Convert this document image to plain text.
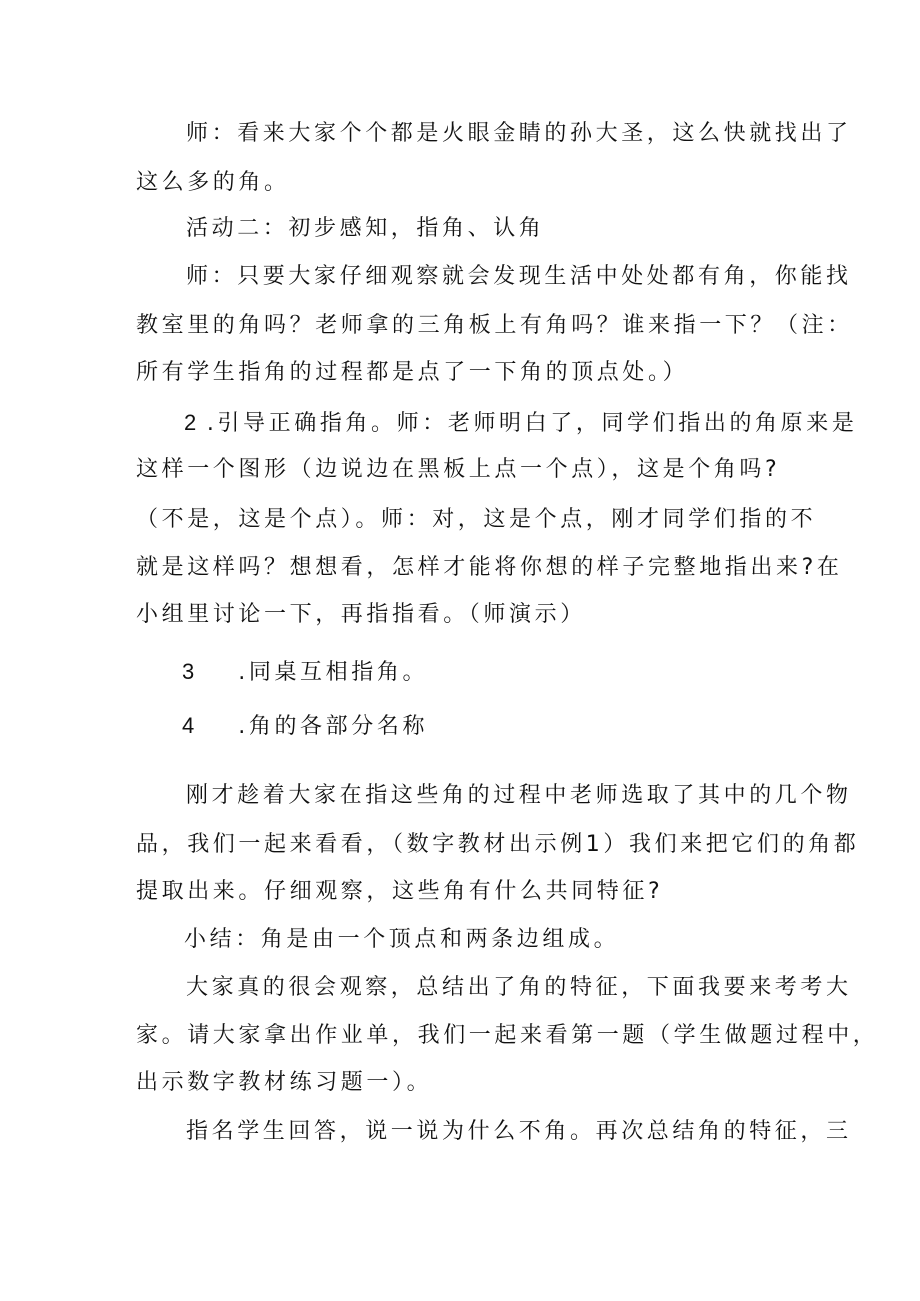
师：看来大家个个都是火眼金睛的孙大圣，这么快就找出了
这么多的角。
活动二：初步感知，指角、认角
师：只要大家仔细观察就会发现生活中处处都有角，你能找
教室里的角吗？老师拿的三角板上有角吗？谁来指一下？（注：
所有学生指角的过程都是点了一下角的顶点处。）
2 .引导正确指角。师：老师明白了，同学们指出的角原来是
这样一个图形（边说边在黑板上点一个点），这是个角吗?
（不是，这是个点）。师：对，这是个点，刚才同学们指的不
就是这样吗？想想看，怎样才能将你想的样子完整地指出来?在
小组里讨论一下，再指指看。（师演示）
3 .同桌互相指角。
4 .角的各部分名称
刚才趁着大家在指这些角的过程中老师选取了其中的几个物
品，我们一起来看看，（数字教材出示例1）我们来把它们的角都
提取出来。仔细观察，这些角有什么共同特征?
小结：角是由一个顶点和两条边组成。
大家真的很会观察，总结出了角的特征，下面我要来考考大
家。请大家拿出作业单，我们一起来看第一题（学生做题过程中，
出示数字教材练习题一）。
指名学生回答，说一说为什么不角。再次总结角的特征，三
